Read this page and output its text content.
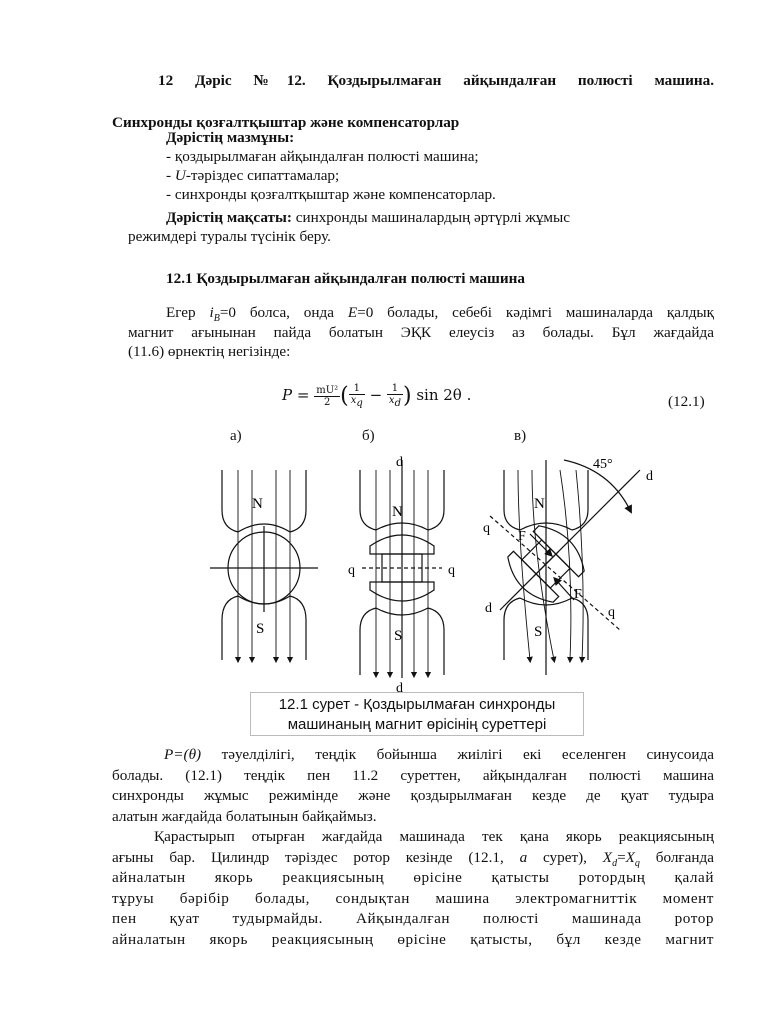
12 Дәріс №12. Қоздырылмаған айқындалған полюсті машина.
Синхронды қозғалтқыштар және компенсаторлар
Дәрістің мазмұны:
- қоздырылмаған айқындалған полюсті машина;
- U-тәріздес сипаттамалар;
- синхронды қозғалтқыштар және компенсаторлар.
Дәрістің мақсаты: синхронды машиналардың әртүрлі жұмыс
режимдері туралы түсінік беру.
12.1 Қоздырылмаған айқындалған полюсті машина
Егер $i_B=0$ болса, онда E=0 болады, себебі кәдімгі машиналарда қалдық
магнит ағынынан пайда болатын ЭҚК елеусіз аз болады. Бұл жағдайда
(11.6) өрнектің негізінде:
$P = \frac{\text{mU²}}{2}$ ( $\frac{1}{x_q} - \frac{1}{x_d}$ ) sin 2θ .	(12.1)
а)	б)	в)
N
S
d
d
q	q
N
S
45°
d
d
q
q
F
F
N
S
12.1 сурет - Қоздырылмаған синхронды
машинаның магнит өрісінің суреттері
P=(θ) тәуелділігі, теңдік бойынша жиілігі екі еселенген синусоида
болады. (12.1) теңдік пен 11.2 суреттен, айқындалған полюсті машина
синхронды жұмыс режимінде және қоздырылмаған кезде де қуат тудыра
алатын жағдайда болатынын байқаймыз.
Қарастырып отырған жағдайда машинада тек қана якорь реакциясының
ағыны бар. Цилиндр тәріздес ротор кезінде (12.1, а сурет), $X_d=X_q$ болғанда
айналатын якорь реакциясының өрісіне қатысты ротордың қалай
тұруы бәрібір болады, сондықтан машина электромагниттік момент
пен қуат тудырмайды. Айқындалған полюсті машинада ротор
айналатын якорь реакциясының өрісіне қатысты, бұл кезде магнит
